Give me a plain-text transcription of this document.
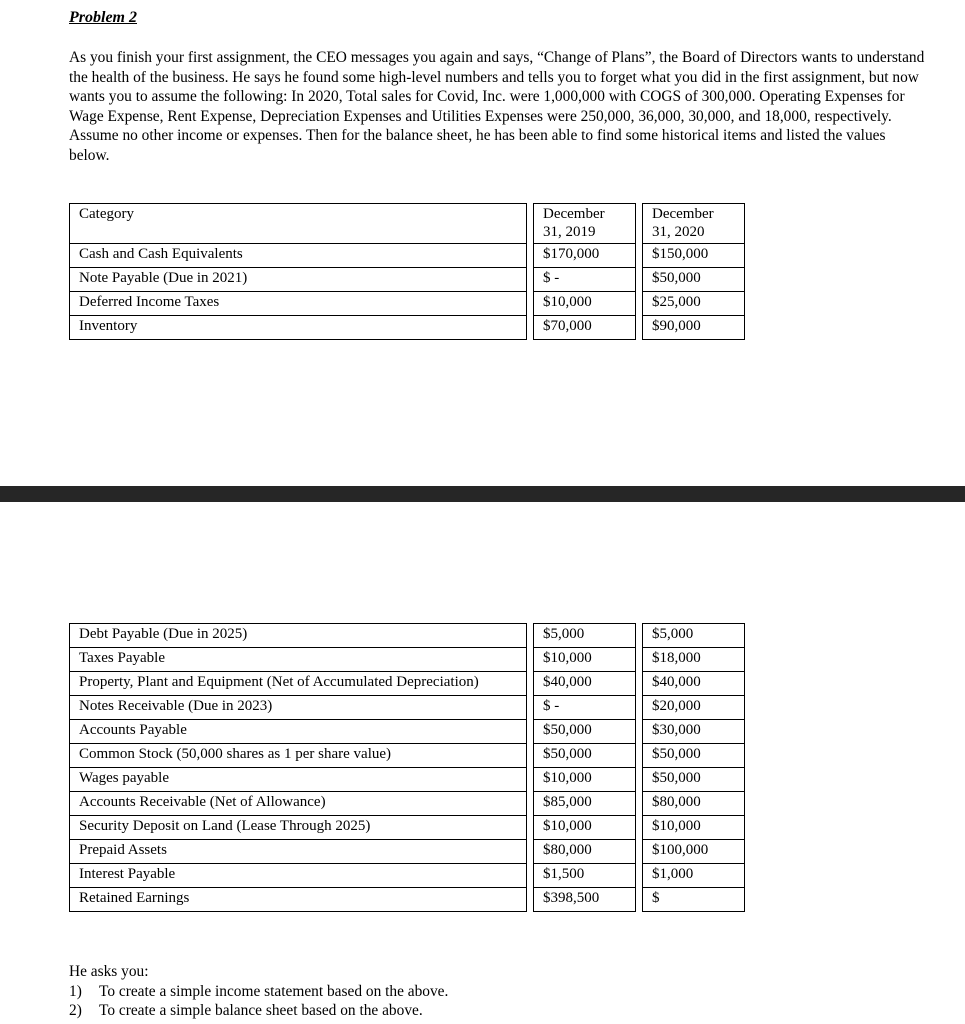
Problem 2
As you finish your first assignment, the CEO messages you again and says, “Change of Plans”, the Board of Directors wants to understand the health of the business. He says he found some high-level numbers and tells you to forget what you did in the first assignment, but now wants you to assume the following: In 2020, Total sales for Covid, Inc. were 1,000,000 with COGS of 300,000. Operating Expenses for Wage Expense, Rent Expense, Depreciation Expenses and Utilities Expenses were 250,000, 36,000, 30,000, and 18,000, respectively. Assume no other income or expenses. Then for the balance sheet, he has been able to find some historical items and listed the values below.
Category		December 31, 2019		December 31, 2020
Cash and Cash Equivalents		$170,000		$150,000
Note Payable (Due in 2021)		$ -		$50,000
Deferred Income Taxes		$10,000		$25,000
Inventory		$70,000		$90,000
Debt Payable (Due in 2025)		$5,000		$5,000
Taxes Payable		$10,000		$18,000
Property, Plant and Equipment (Net of Accumulated Depreciation)		$40,000		$40,000
Notes Receivable (Due in 2023)		$ -		$20,000
Accounts Payable		$50,000		$30,000
Common Stock (50,000 shares as 1 per share value)		$50,000		$50,000
Wages payable		$10,000		$50,000
Accounts Receivable (Net of Allowance)		$85,000		$80,000
Security Deposit on Land (Lease Through 2025)		$10,000		$10,000
Prepaid Assets		$80,000		$100,000
Interest Payable		$1,500		$1,000
Retained Earnings		$398,500		$
He asks you:
1)	To create a simple income statement based on the above.
2)	To create a simple balance sheet based on the above.
